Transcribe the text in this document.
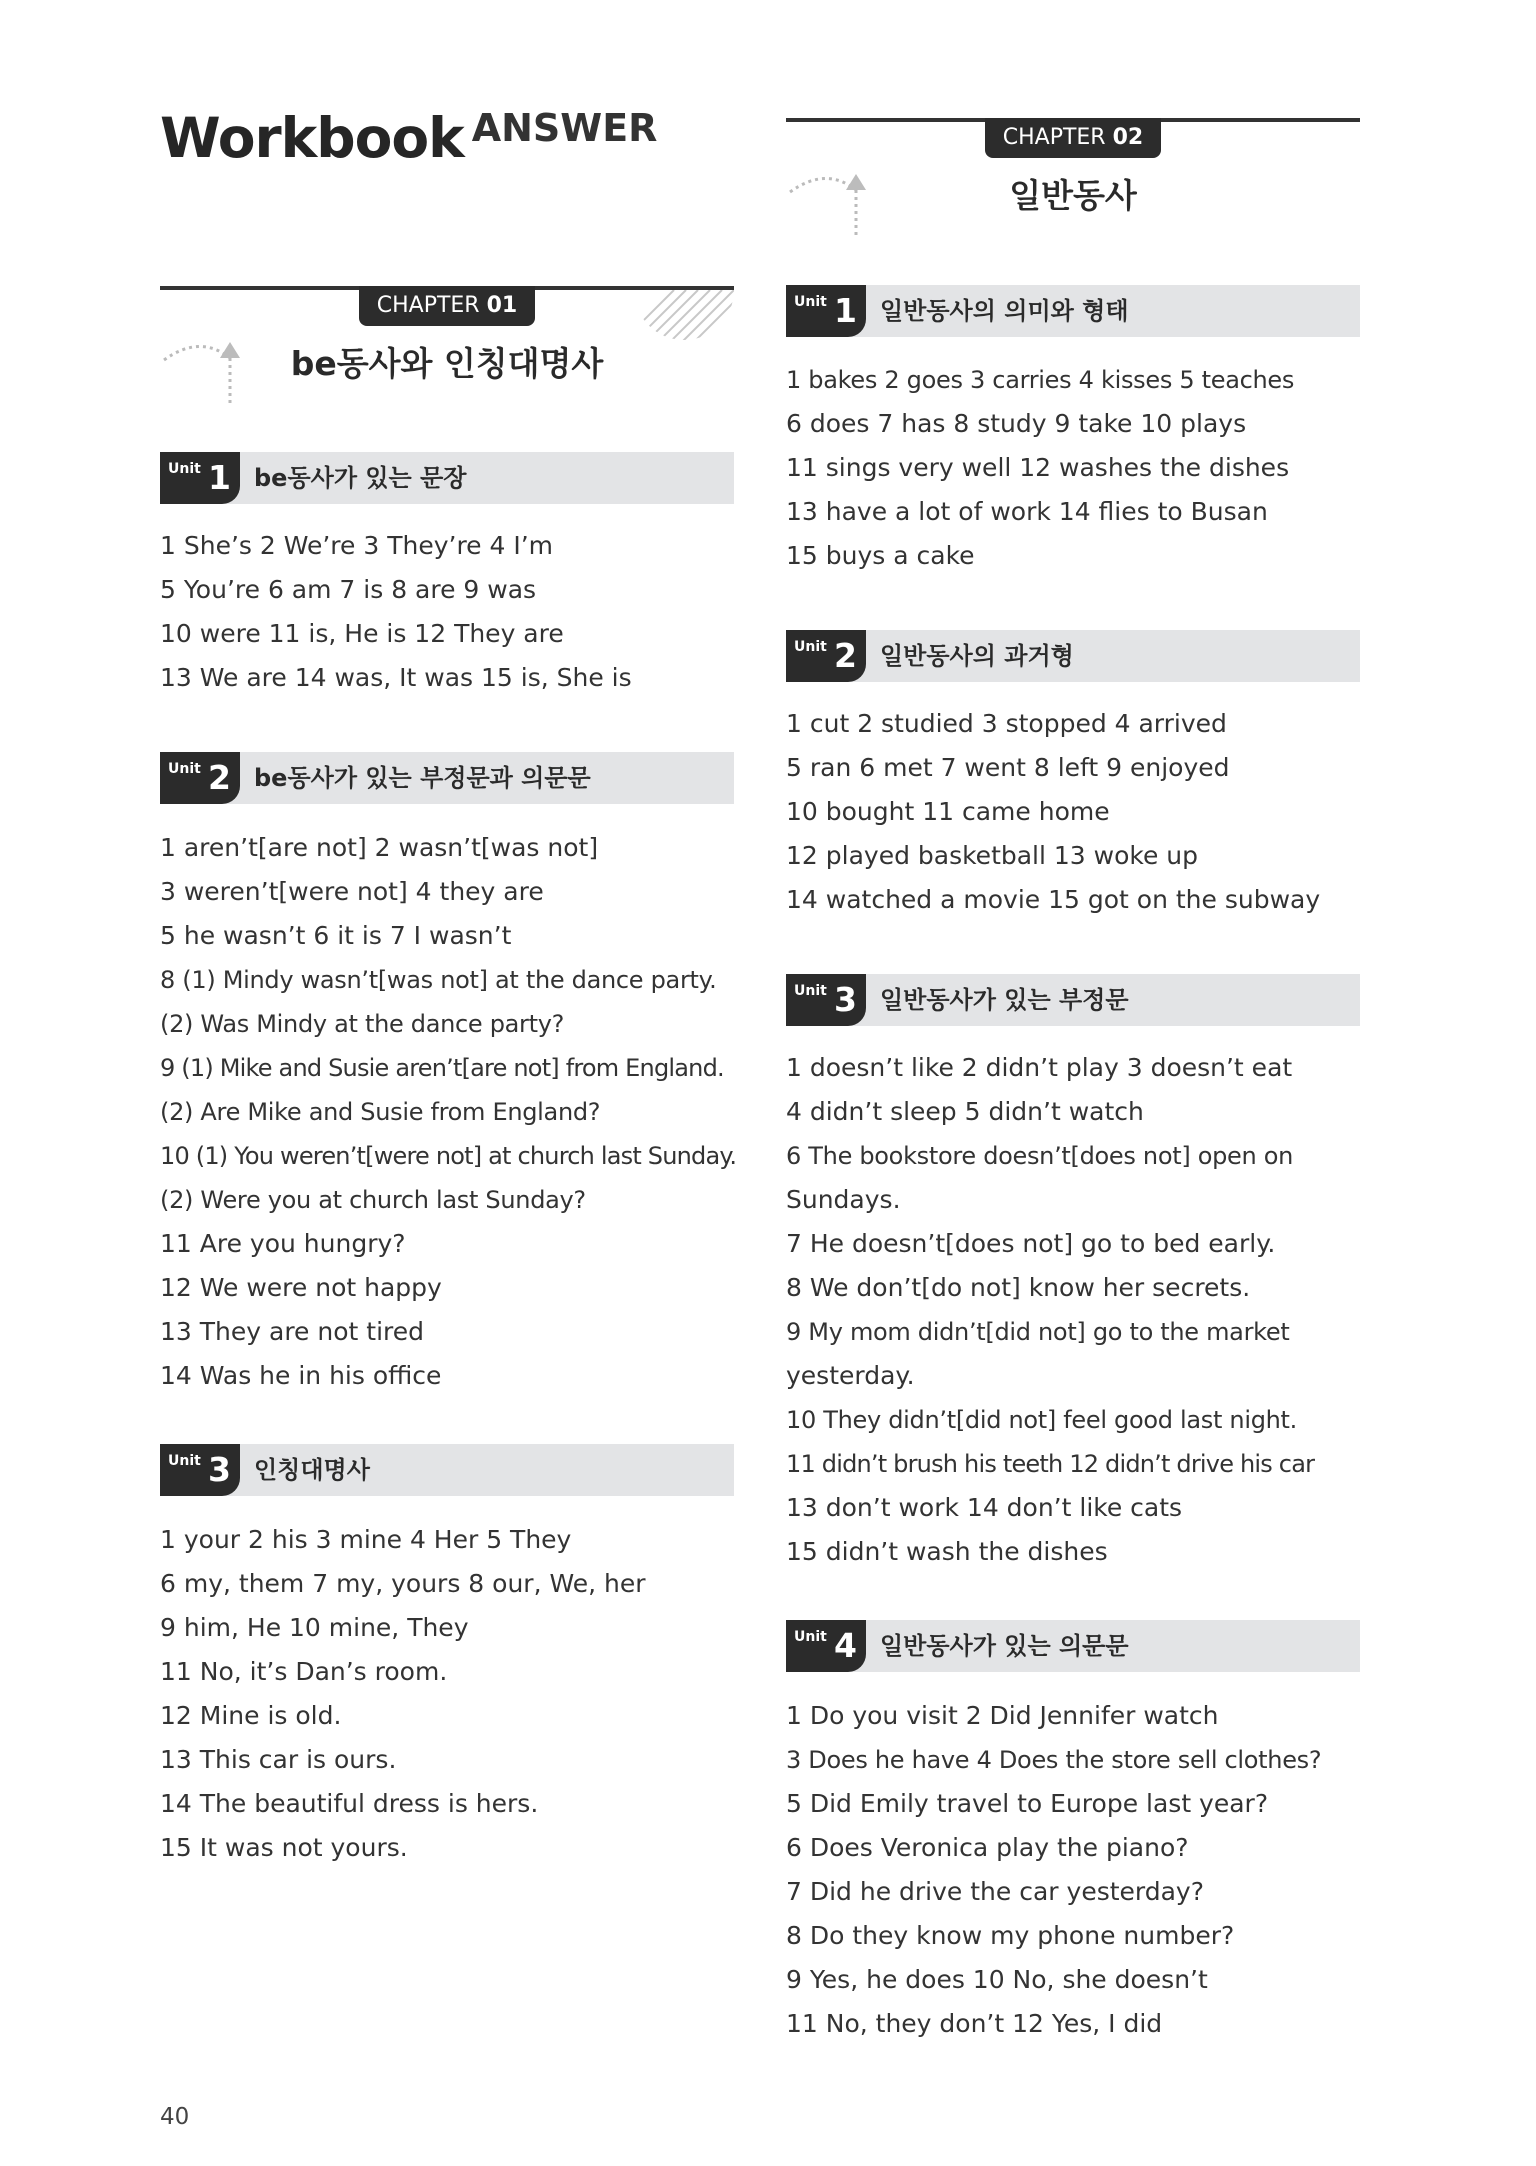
Workbook ANSWER	CHAPTER 02
일반동사
CHAPTER 01
be동사와 인칭대명사
Unit 1 be동사가 있는 문장
1 She’s 2 We’re 3 They’re 4 I’m
5 You’re 6 am 7 is 8 are 9 was
10 were 11 is, He is 12 They are
13 We are 14 was, It was 15 is, She is
Unit 2 be동사가 있는 부정문과 의문문
1 aren’t[are not] 2 wasn’t[was not]
3 weren’t[were not] 4 they are
5 he wasn’t 6 it is 7 I wasn’t
8 (1) Mindy wasn’t[was not] at the dance party.
(2) Was Mindy at the dance party?
9 (1) Mike and Susie aren’t[are not] from England.
(2) Are Mike and Susie from England?
10 (1) You weren’t[were not] at church last Sunday.
(2) Were you at church last Sunday?
11 Are you hungry?
12 We were not happy
13 They are not tired
14 Was he in his office
Unit 3 인칭대명사
1 your 2 his 3 mine 4 Her 5 They
6 my, them 7 my, yours 8 our, We, her
9 him, He 10 mine, They
11 No, it’s Dan’s room.
12 Mine is old.
13 This car is ours.
14 The beautiful dress is hers.
15 It was not yours.
Unit 1 일반동사의 의미와 형태
1 bakes 2 goes 3 carries 4 kisses 5 teaches
6 does 7 has 8 study 9 take 10 plays
11 sings very well 12 washes the dishes
13 have a lot of work 14 flies to Busan
15 buys a cake
Unit 2 일반동사의 과거형
1 cut 2 studied 3 stopped 4 arrived
5 ran 6 met 7 went 8 left 9 enjoyed
10 bought 11 came home
12 played basketball 13 woke up
14 watched a movie 15 got on the subway
Unit 3 일반동사가 있는 부정문
1 doesn’t like 2 didn’t play 3 doesn’t eat
4 didn’t sleep 5 didn’t watch
6 The bookstore doesn’t[does not] open on
Sundays.
7 He doesn’t[does not] go to bed early.
8 We don’t[do not] know her secrets.
9 My mom didn’t[did not] go to the market
yesterday.
10 They didn’t[did not] feel good last night.
11 didn’t brush his teeth 12 didn’t drive his car
13 don’t work 14 don’t like cats
15 didn’t wash the dishes
Unit 4 일반동사가 있는 의문문
1 Do you visit 2 Did Jennifer watch
3 Does he have 4 Does the store sell clothes?
5 Did Emily travel to Europe last year?
6 Does Veronica play the piano?
7 Did he drive the car yesterday?
8 Do they know my phone number?
9 Yes, he does 10 No, she doesn’t
11 No, they don’t 12 Yes, I did
40
